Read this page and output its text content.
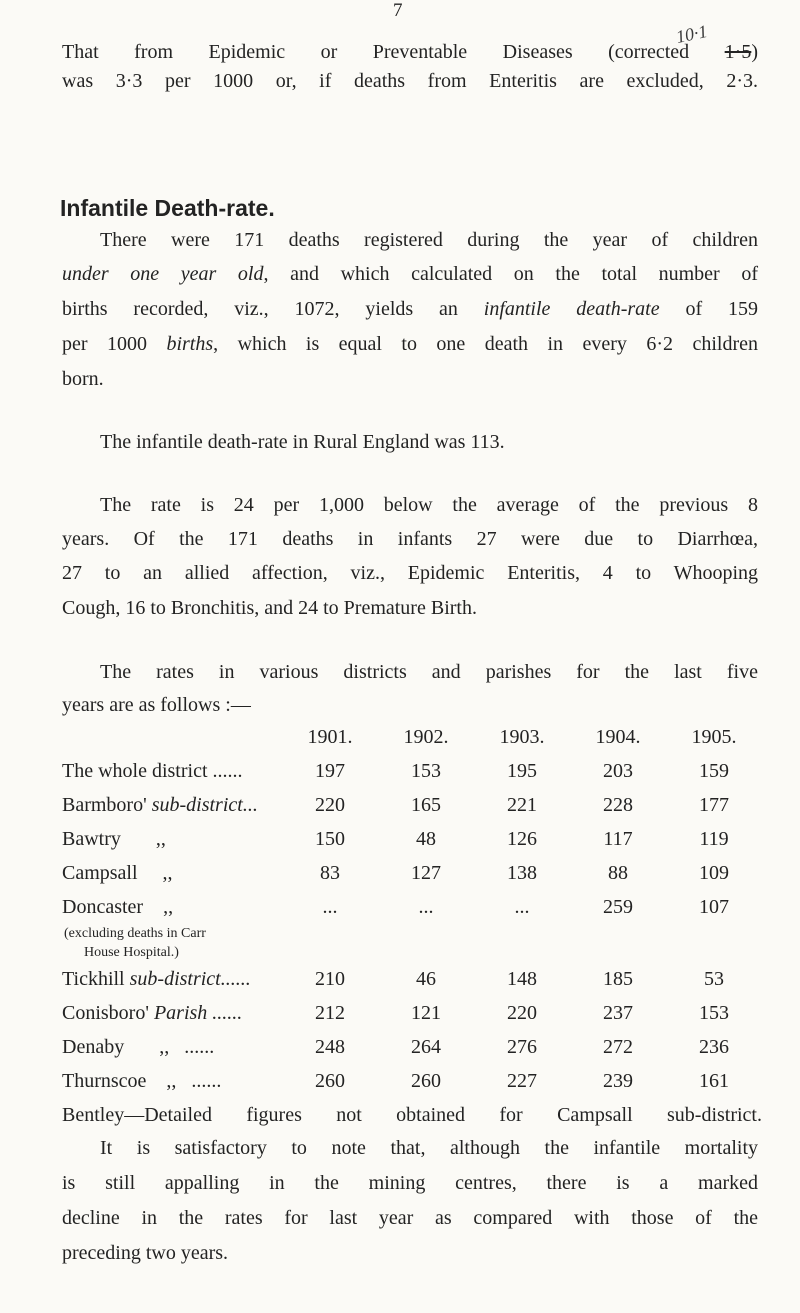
7
10·1
That from Epidemic or Preventable Diseases (corrected 1·5)
was 3·3 per 1000 or, if deaths from Enteritis are excluded, 2·3.
Infantile Death-rate.
There were 171 deaths registered during the year of children
under one year old, and which calculated on the total number of
births recorded, viz., 1072, yields an infantile death-rate of 159
per 1000 births, which is equal to one death in every 6·2 children
born.
The infantile death-rate in Rural England was 113.
The rate is 24 per 1,000 below the average of the previous 8
years. Of the 171 deaths in infants 27 were due to Diarrhœa,
27 to an allied affection, viz., Epidemic Enteritis, 4 to Whooping
Cough, 16 to Bronchitis, and 24 to Premature Birth.
The rates in various districts and parishes for the last five
years are as follows :—
	1901.	1902.	1903.	1904.	1905.
The whole district ......	197	153	195	203	159
Barmboro' sub-district...	220	165	221	228	177
Bawtry       ,,	150	48	126	117	119
Campsall     ,,	83	127	138	88	109
Doncaster    ,,	...	...	...	259	107
(excluding deaths in Carr					
House Hospital.)					
Tickhill sub-district......	210	46	148	185	53
Conisboro' Parish ......	212	121	220	237	153
Denaby       ,,   ......	248	264	276	272	236
Thurnscoe    ,,   ......	260	260	227	239	161
Bentley—Detailed figures not obtained for Campsall sub-district.					
It is satisfactory to note that, although the infantile mortality
is still appalling in the mining centres, there is a marked
decline in the rates for last year as compared with those of the
preceding two years.
